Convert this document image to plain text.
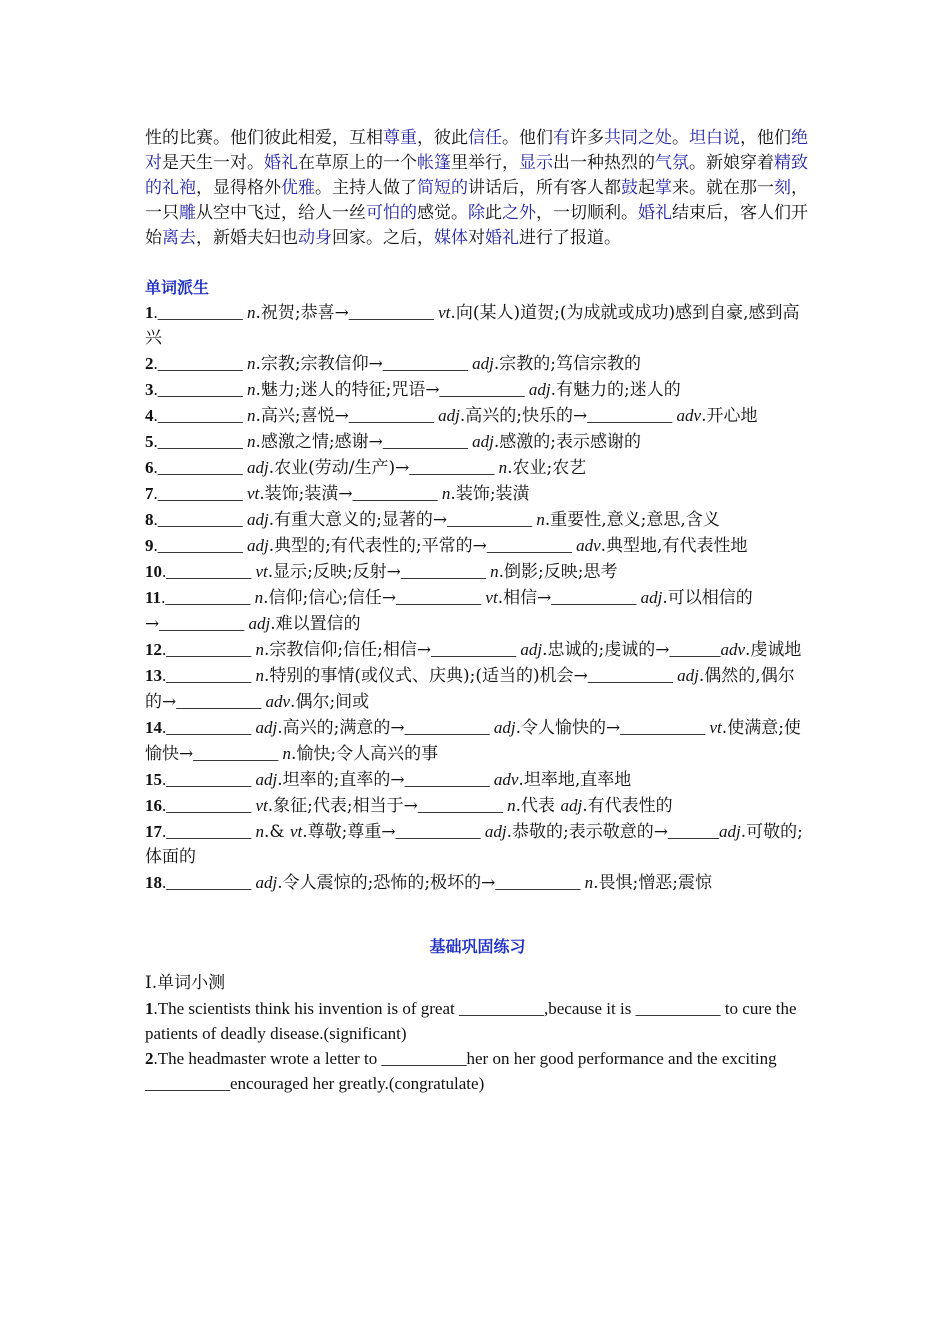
性的比赛。他们彼此相爱，互相尊重，彼此信任。他们有许多共同之处。坦白说，他们绝对是天生一对。婚礼在草原上的一个帐篷里举行，显示出一种热烈的气氛。新娘穿着精致的礼袍，显得格外优雅。主持人做了简短的讲话后，所有客人都鼓起掌来。就在那一刻，一只雕从空中飞过，给人一丝可怕的感觉。除此之外，一切顺利。婚礼结束后，客人们开始离去，新婚夫妇也动身回家。之后，媒体对婚礼进行了报道。

单词派生
1.__________ n.祝贺;恭喜→__________ vt.向(某人)道贺;(为成就或成功)感到自豪,感到高兴
2.__________ n.宗教;宗教信仰→__________ adj.宗教的;笃信宗教的
3.__________ n.魅力;迷人的特征;咒语→__________ adj.有魅力的;迷人的
4.__________ n.高兴;喜悦→__________ adj.高兴的;快乐的→__________ adv.开心地
5.__________ n.感激之情;感谢→__________ adj.感激的;表示感谢的
6.__________ adj.农业(劳动/生产)→__________ n.农业;农艺
7.__________ vt.装饰;装潢→__________ n.装饰;装潢
8.__________ adj.有重大意义的;显著的→__________ n.重要性,意义;意思,含义
9.__________ adj.典型的;有代表性的;平常的→__________ adv.典型地,有代表性地
10.__________ vt.显示;反映;反射→__________ n.倒影;反映;思考
11.__________ n.信仰;信心;信任→__________ vt.相信→__________ adj.可以相信的→__________ adj.难以置信的
12.__________ n.宗教信仰;信任;相信→__________ adj.忠诚的;虔诚的→______adv.虔诚地
13.__________ n.特别的事情(或仪式、庆典);(适当的)机会→__________ adj.偶然的,偶尔的→__________ adv.偶尔;间或
14.__________ adj.高兴的;满意的→__________ adj.令人愉快的→__________ vt.使满意;使愉快→__________ n.愉快;令人高兴的事
15.__________ adj.坦率的;直率的→__________ adv.坦率地,直率地
16.__________ vt.象征;代表;相当于→__________ n.代表 adj.有代表性的
17.__________ n.& vt.尊敬;尊重→__________ adj.恭敬的;表示敬意的→______adj.可敬的;体面的
18.__________ adj.令人震惊的;恐怖的;极坏的→__________ n.畏惧;憎恶;震惊
基础巩固练习
I.单词小测
1.The scientists think his invention is of great __________,because it is __________ to cure the patients of deadly disease.(significant)
2.The headmaster wrote a letter to __________her on her good performance and the exciting __________encouraged her greatly.(congratulate)
